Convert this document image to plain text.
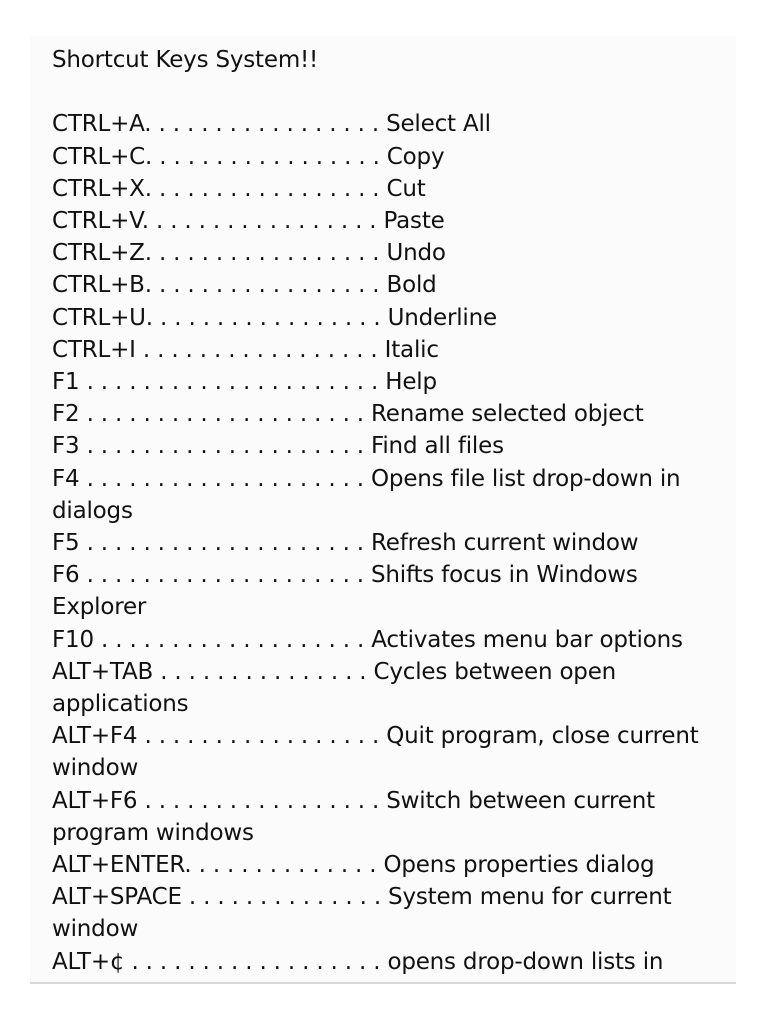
Shortcut Keys System!!

CTRL+A. . . . . . . . . . . . . . . . . Select All

CTRL+C. . . . . . . . . . . . . . . . . Copy

CTRL+X. . . . . . . . . . . . . . . . . Cut

CTRL+V. . . . . . . . . . . . . . . . . Paste

CTRL+Z. . . . . . . . . . . . . . . . . Undo

CTRL+B. . . . . . . . . . . . . . . . . Bold

CTRL+U. . . . . . . . . . . . . . . . . Underline

CTRL+I . . . . . . . . . . . . . . . . . Italic

F1 . . . . . . . . . . . . . . . . . . . . . Help

F2 . . . . . . . . . . . . . . . . . . . . Rename selected object

F3 . . . . . . . . . . . . . . . . . . . . Find all files

F4 . . . . . . . . . . . . . . . . . . . . Opens file list drop-down in

dialogs

F5 . . . . . . . . . . . . . . . . . . . . Refresh current window

F6 . . . . . . . . . . . . . . . . . . . . Shifts focus in Windows

Explorer

F10 . . . . . . . . . . . . . . . . . . . Activates menu bar options

ALT+TAB . . . . . . . . . . . . . . . Cycles between open

applications

ALT+F4 . . . . . . . . . . . . . . . . . Quit program, close current

window

ALT+F6 . . . . . . . . . . . . . . . . . Switch between current

program windows

ALT+ENTER. . . . . . . . . . . . . . Opens properties dialog

ALT+SPACE . . . . . . . . . . . . . . System menu for current

window

ALT+¢ . . . . . . . . . . . . . . . . . . opens drop-down lists in
